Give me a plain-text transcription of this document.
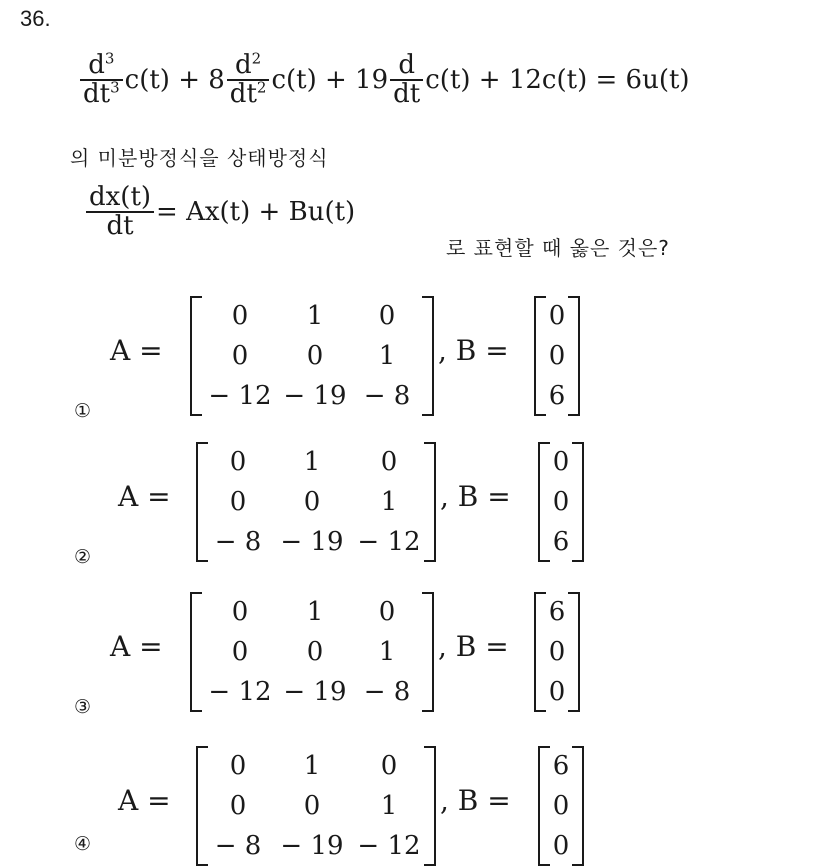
36.
$\frac{d^3}{dt^3} c(t) + 8 \frac{d^2}{dt^2} c(t) + 19 \frac{d}{dt} c(t) + 12c(t) = 6u(t)$
의 미분방정식을 상태방정식
$\frac{dx(t)}{dt} = Ax(t) + Bu(t)$
로 표현할 때 옳은 것은?
①
A =
0	1	0
0	0	1
− 12 − 19 − 8
, B =
0
0
6
②
A =
0	1	0
0	0	1
− 8 − 19 − 12
, B =
0
0
6
③
A =
0	1	0
0	0	1
− 12 − 19 − 8
, B =
6
0
0
④
A =
0	1	0
0	0	1
− 8 − 19 − 12
, B =
6
0
0
